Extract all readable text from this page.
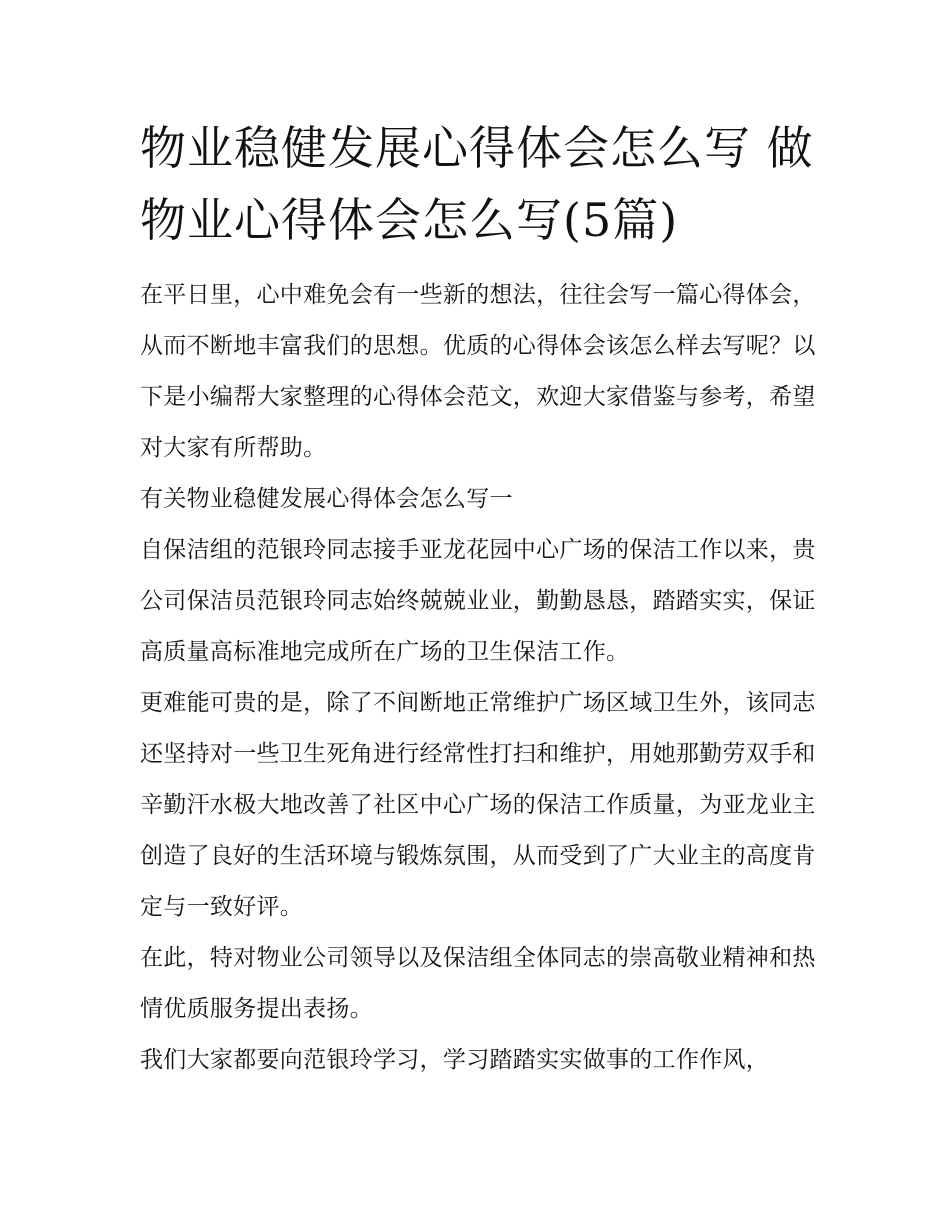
物业稳健发展心得体会怎么写 做物业心得体会怎么写(5篇)

在平日里，心中难免会有一些新的想法，往往会写一篇心得体会，从而不断地丰富我们的思想。优质的心得体会该怎么样去写呢？以下是小编帮大家整理的心得体会范文，欢迎大家借鉴与参考，希望对大家有所帮助。

有关物业稳健发展心得体会怎么写一

自保洁组的范银玲同志接手亚龙花园中心广场的保洁工作以来，贵公司保洁员范银玲同志始终兢兢业业，勤勤恳恳，踏踏实实，保证高质量高标准地完成所在广场的卫生保洁工作。

更难能可贵的是，除了不间断地正常维护广场区域卫生外，该同志还坚持对一些卫生死角进行经常性打扫和维护，用她那勤劳双手和辛勤汗水极大地改善了社区中心广场的保洁工作质量，为亚龙业主创造了良好的生活环境与锻炼氛围，从而受到了广大业主的高度肯定与一致好评。

在此，特对物业公司领导以及保洁组全体同志的崇高敬业精神和热情优质服务提出表扬。

我们大家都要向范银玲学习，学习踏踏实实做事的工作作风，
